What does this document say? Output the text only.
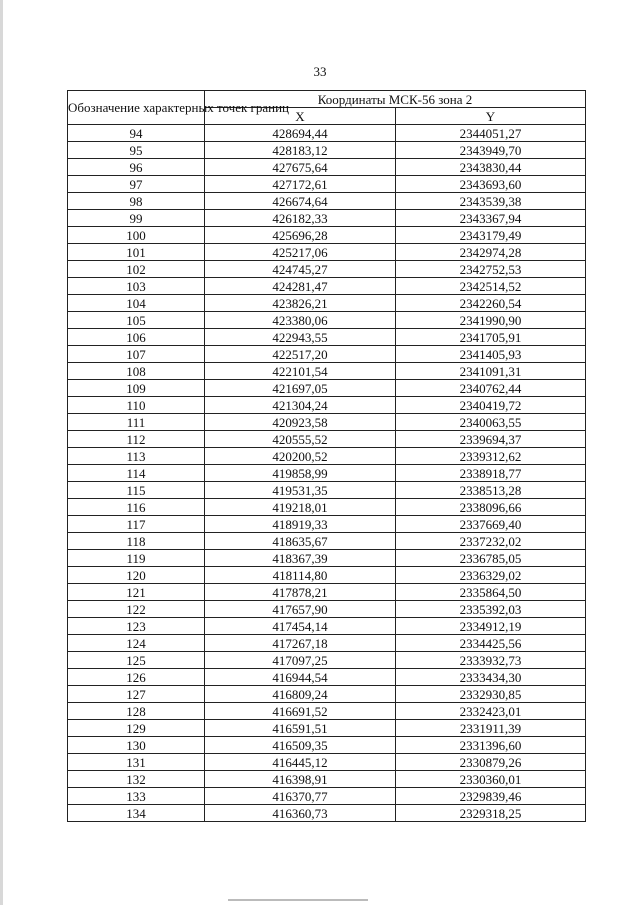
33
Обозначение характерных точек границ	Координаты МСК-56 зона 2	
	X	Y
94	428694,44	2344051,27
95	428183,12	2343949,70
96	427675,64	2343830,44
97	427172,61	2343693,60
98	426674,64	2343539,38
99	426182,33	2343367,94
100	425696,28	2343179,49
101	425217,06	2342974,28
102	424745,27	2342752,53
103	424281,47	2342514,52
104	423826,21	2342260,54
105	423380,06	2341990,90
106	422943,55	2341705,91
107	422517,20	2341405,93
108	422101,54	2341091,31
109	421697,05	2340762,44
110	421304,24	2340419,72
111	420923,58	2340063,55
112	420555,52	2339694,37
113	420200,52	2339312,62
114	419858,99	2338918,77
115	419531,35	2338513,28
116	419218,01	2338096,66
117	418919,33	2337669,40
118	418635,67	2337232,02
119	418367,39	2336785,05
120	418114,80	2336329,02
121	417878,21	2335864,50
122	417657,90	2335392,03
123	417454,14	2334912,19
124	417267,18	2334425,56
125	417097,25	2333932,73
126	416944,54	2333434,30
127	416809,24	2332930,85
128	416691,52	2332423,01
129	416591,51	2331911,39
130	416509,35	2331396,60
131	416445,12	2330879,26
132	416398,91	2330360,01
133	416370,77	2329839,46
134	416360,73	2329318,25
